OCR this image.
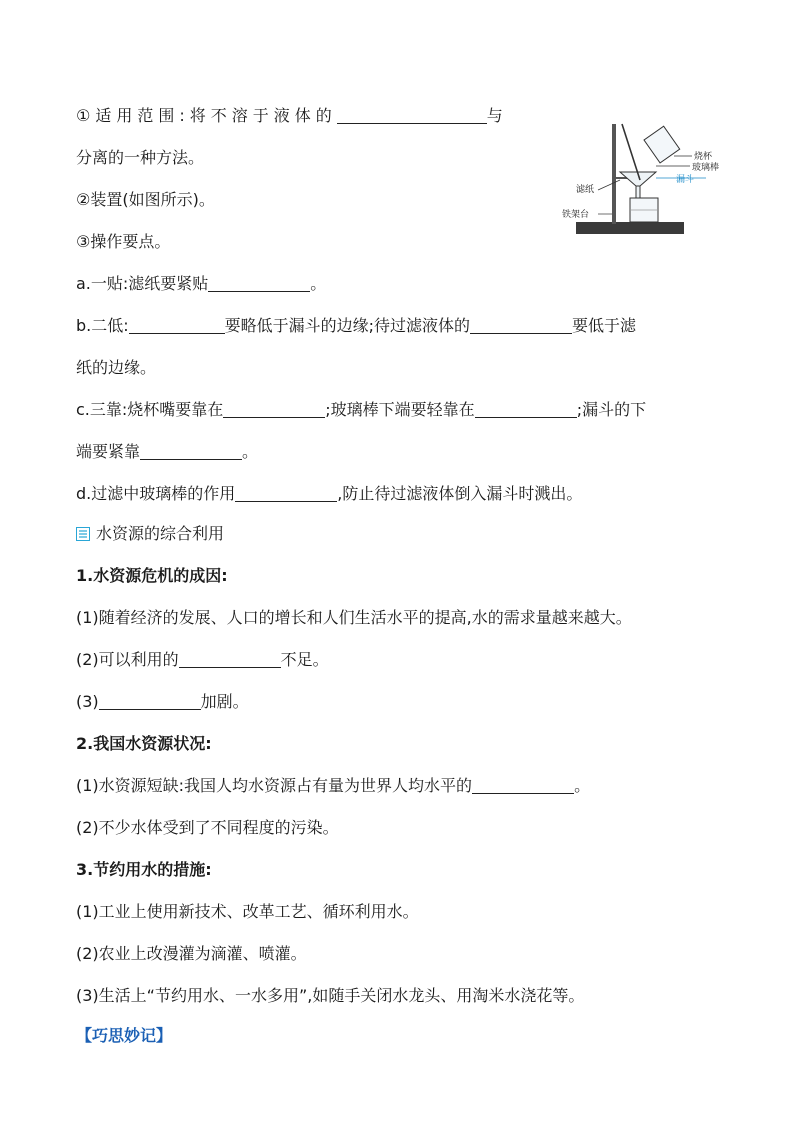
①适用范围:将不溶于液体的	与
分离的一种方法。
②装置(如图所示)。
③操作要点。
a.一贴:滤纸要紧贴	。
b.二低:	要略低于漏斗的边缘;待过滤液体的	要低于滤
纸的边缘。
c.三靠:烧杯嘴要靠在	;玻璃棒下端要轻靠在	;漏斗的下
端要紧靠	。
d.过滤中玻璃棒的作用	,防止待过滤液体倒入漏斗时溅出。
烧杯
玻璃棒
漏斗
滤纸
铁架台
水资源的综合利用
1.水资源危机的成因:
(1)随着经济的发展、人口的增长和人们生活水平的提高,水的需求量越来越大。
(2)可以利用的	不足。
(3)	加剧。
2.我国水资源状况:
(1)水资源短缺:我国人均水资源占有量为世界人均水平的	。
(2)不少水体受到了不同程度的污染。
3.节约用水的措施:
(1)工业上使用新技术、改革工艺、循环利用水。
(2)农业上改漫灌为滴灌、喷灌。
(3)生活上“节约用水、一水多用”,如随手关闭水龙头、用淘米水浇花等。
【巧思妙记】
